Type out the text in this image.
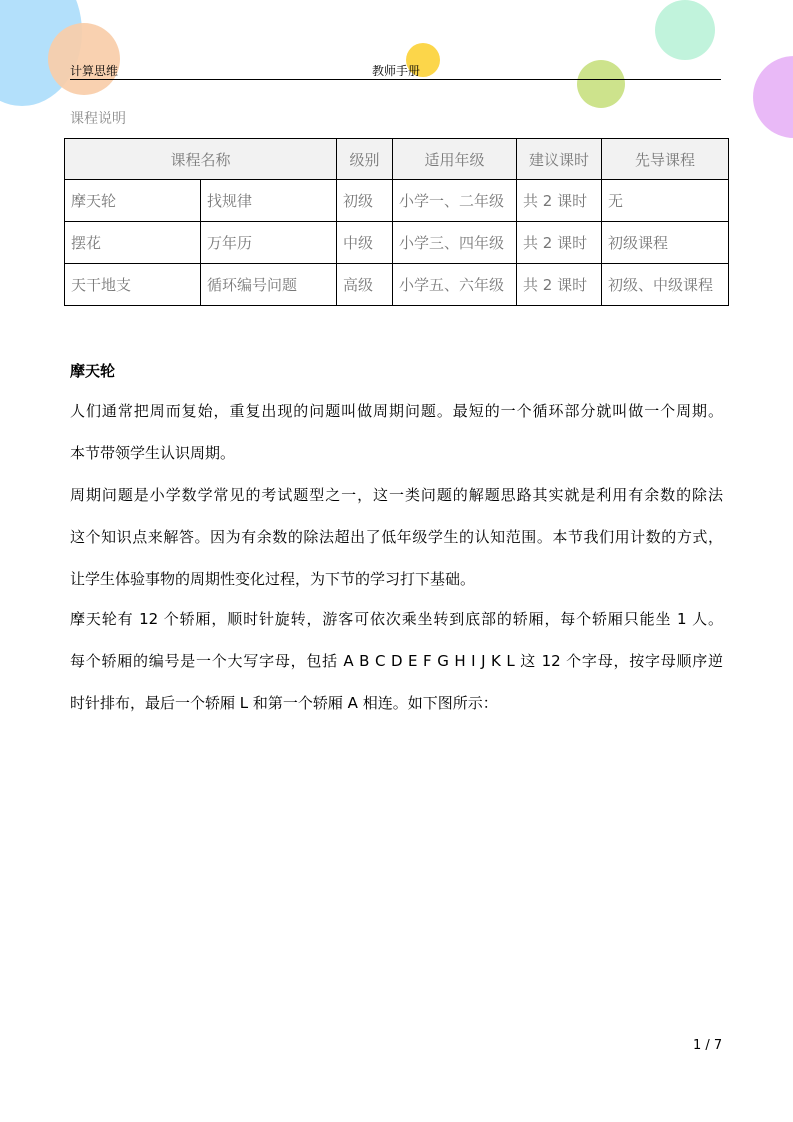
计算思维	教师手册
课程说明
课程名称		级别	适用年级	建议课时	先导课程
摩天轮	找规律	初级	小学一、二年级	共 2 课时	无
摆花	万年历	中级	小学三、四年级	共 2 课时	初级课程
天干地支	循环编号问题	高级	小学五、六年级	共 2 课时	初级、中级课程
摩天轮
人们通常把周而复始，重复出现的问题叫做周期问题。最短的一个循环部分就叫做一个周期。
本节带领学生认识周期。
周期问题是小学数学常见的考试题型之一，这一类问题的解题思路其实就是利用有余数的除法
这个知识点来解答。因为有余数的除法超出了低年级学生的认知范围。本节我们用计数的方式，
让学生体验事物的周期性变化过程，为下节的学习打下基础。
摩天轮有 12 个轿厢，顺时针旋转，游客可依次乘坐转到底部的轿厢，每个轿厢只能坐 1 人。
每个轿厢的编号是一个大写字母，包括 A B C D E F G H I J K L 这 12 个字母，按字母顺序逆
时针排布，最后一个轿厢 L 和第一个轿厢 A 相连。如下图所示：
1 / 7
